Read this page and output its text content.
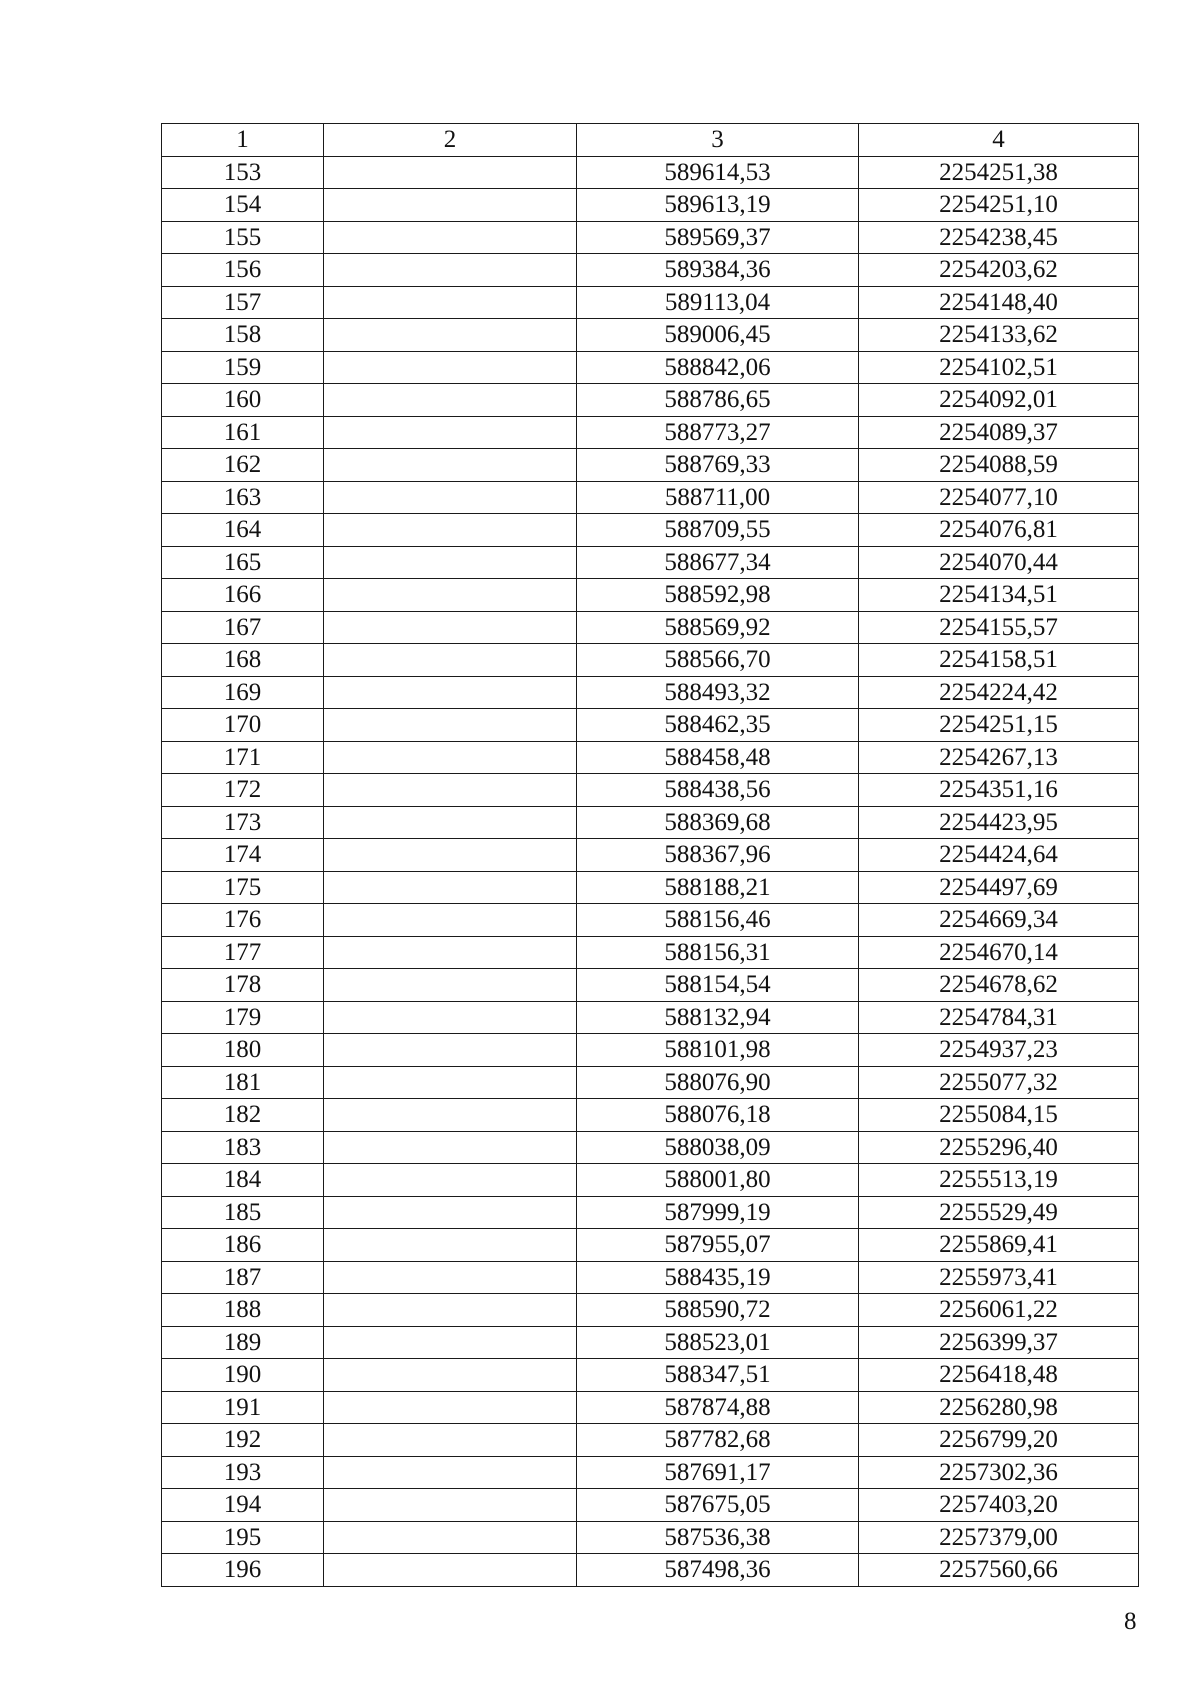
1	2	3	4
153		589614,53	2254251,38
154		589613,19	2254251,10
155		589569,37	2254238,45
156		589384,36	2254203,62
157		589113,04	2254148,40
158		589006,45	2254133,62
159		588842,06	2254102,51
160		588786,65	2254092,01
161		588773,27	2254089,37
162		588769,33	2254088,59
163		588711,00	2254077,10
164		588709,55	2254076,81
165		588677,34	2254070,44
166		588592,98	2254134,51
167		588569,92	2254155,57
168		588566,70	2254158,51
169		588493,32	2254224,42
170		588462,35	2254251,15
171		588458,48	2254267,13
172		588438,56	2254351,16
173		588369,68	2254423,95
174		588367,96	2254424,64
175		588188,21	2254497,69
176		588156,46	2254669,34
177		588156,31	2254670,14
178		588154,54	2254678,62
179		588132,94	2254784,31
180		588101,98	2254937,23
181		588076,90	2255077,32
182		588076,18	2255084,15
183		588038,09	2255296,40
184		588001,80	2255513,19
185		587999,19	2255529,49
186		587955,07	2255869,41
187		588435,19	2255973,41
188		588590,72	2256061,22
189		588523,01	2256399,37
190		588347,51	2256418,48
191		587874,88	2256280,98
192		587782,68	2256799,20
193		587691,17	2257302,36
194		587675,05	2257403,20
195		587536,38	2257379,00
196		587498,36	2257560,66
8
